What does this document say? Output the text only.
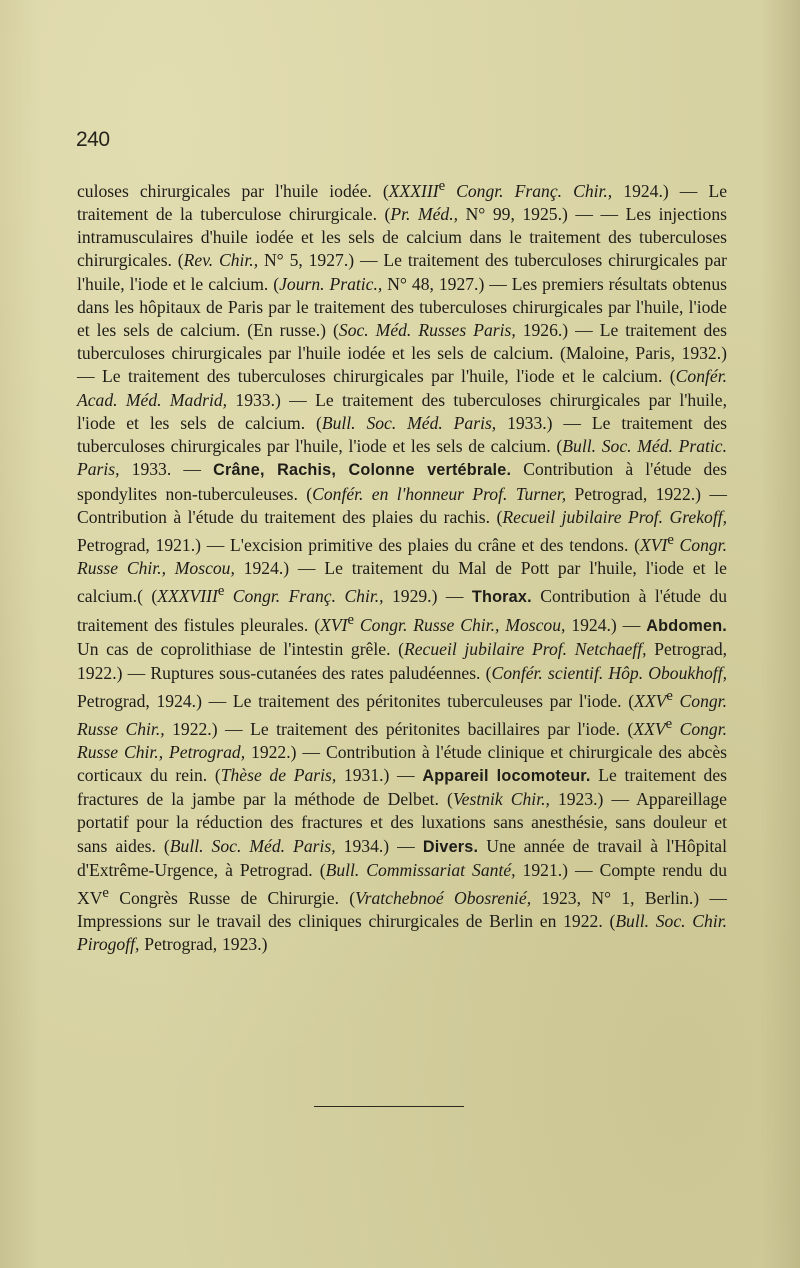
240
culoses chirurgicales par l'huile iodée. (XXXIIIe Congr. Franç. Chir., 1924.) — Le traitement de la tuberculose chirurgicale. (Pr. Méd., N° 99, 1925.) — — Les injections intramusculaires d'huile iodée et les sels de calcium dans le traitement des tuberculoses chirurgicales. (Rev. Chir., N° 5, 1927.) — Le traitement des tuberculoses chirurgicales par l'huile, l'iode et le calcium. (Journ. Pratic., N° 48, 1927.) — Les premiers résultats obtenus dans les hôpitaux de Paris par le traitement des tuberculoses chirurgicales par l'huile, l'iode et les sels de calcium. (En russe.) (Soc. Méd. Russes Paris, 1926.) — Le traitement des tuberculoses chirurgicales par l'huile iodée et les sels de calcium. (Maloine, Paris, 1932.) — Le traitement des tuberculoses chirurgicales par l'huile, l'iode et le calcium. (Confér. Acad. Méd. Madrid, 1933.) — Le traitement des tuberculoses chirurgicales par l'huile, l'iode et les sels de calcium. (Bull. Soc. Méd. Paris, 1933.) — Le traitement des tuberculoses chirurgicales par l'huile, l'iode et les sels de calcium. (Bull. Soc. Méd. Pratic. Paris, 1933. — Crâne, Rachis, Colonne vertébrale. Contribution à l'étude des spondylites non-tuberculeuses. (Confér. en l'honneur Prof. Turner, Petrograd, 1922.) — Contribution à l'étude du traitement des plaies du rachis. (Recueil jubilaire Prof. Grekoff, Petrograd, 1921.) — L'excision primitive des plaies du crâne et des tendons. (XVIe Congr. Russe Chir., Moscou, 1924.) — Le traitement du Mal de Pott par l'huile, l'iode et le calcium.( (XXXVIIIe Congr. Franç. Chir., 1929.) — Thorax. Contribution à l'étude du traitement des fistules pleurales. (XVIe Congr. Russe Chir., Moscou, 1924.) — Abdomen. Un cas de coprolithiase de l'intestin grêle. (Recueil jubilaire Prof. Netchaeff, Petrograd, 1922.) — Ruptures sous-cutanées des rates paludéennes. (Confér. scientif. Hôp. Oboukhoff, Petrograd, 1924.) — Le traitement des péritonites tuberculeuses par l'iode. (XXVe Congr. Russe Chir., 1922.) — Le traitement des péritonites bacillaires par l'iode. (XXVe Congr. Russe Chir., Petrograd, 1922.) — Contribution à l'étude clinique et chirurgicale des abcès corticaux du rein. (Thèse de Paris, 1931.) — Appareil locomoteur. Le traitement des fractures de la jambe par la méthode de Delbet. (Vestnik Chir., 1923.) — Appareillage portatif pour la réduction des fractures et des luxations sans anesthésie, sans douleur et sans aides. (Bull. Soc. Méd. Paris, 1934.) — Divers. Une année de travail à l'Hôpital d'Extrême-Urgence, à Petrograd. (Bull. Commissariat Santé, 1921.) — Compte rendu du XVe Congrès Russe de Chirurgie. (Vratchebnoé Obosrenié, 1923, N° 1, Berlin.) — Impressions sur le travail des cliniques chirurgicales de Berlin en 1922. (Bull. Soc. Chir. Pirogoff, Petrograd, 1923.)
